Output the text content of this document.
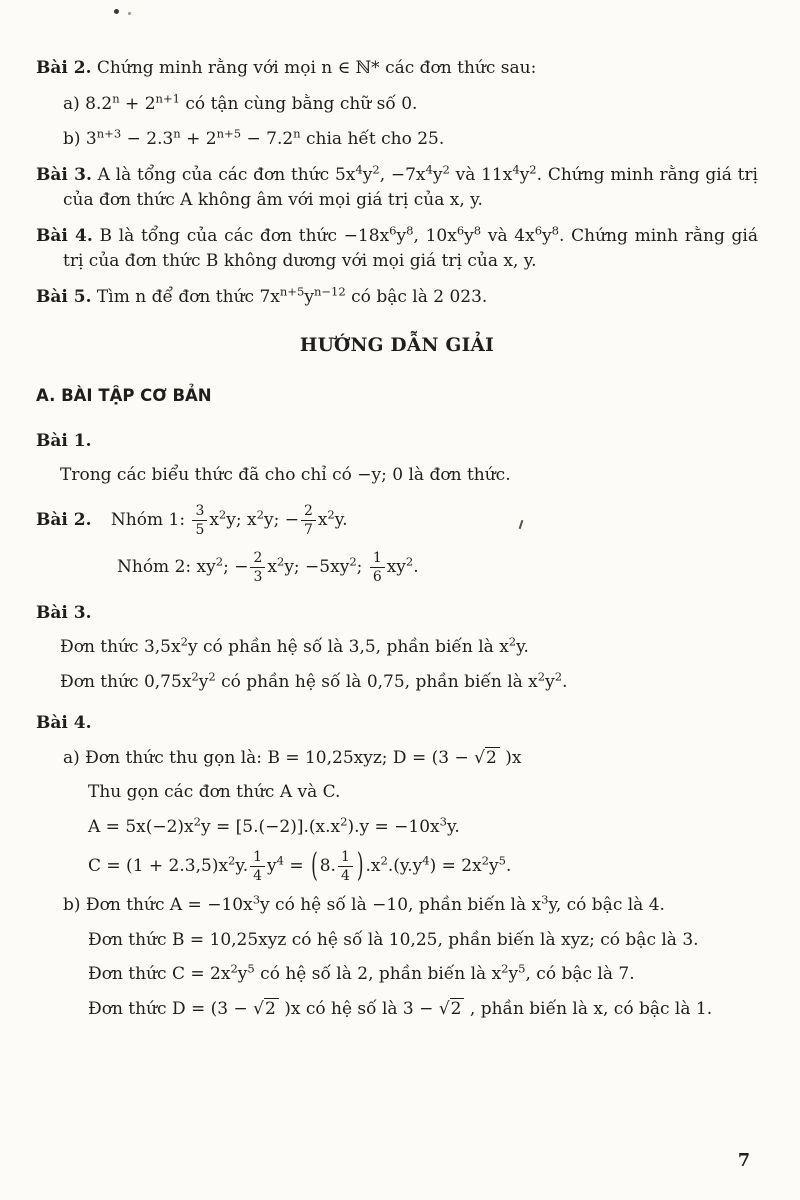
Bài 2. Chứng minh rằng với mọi n ∈ ℕ* các đơn thức sau:

a) $8.2^n + 2^{n+1}$ có tận cùng bằng chữ số 0.

b) $3^{n+3} - 2.3^n + 2^{n+5} - 7.2^n$ chia hết cho 25.

Bài 3. A là tổng của các đơn thức $5x^4y^2$, $-7x^4y^2$ và $11x^4y^2$. Chứng minh rằng giá trị của đơn thức A không âm với mọi giá trị của x, y.

Bài 4. B là tổng của các đơn thức $-18x^6y^8$, $10x^6y^8$ và $4x^6y^8$. Chứng minh rằng giá trị của đơn thức B không dương với mọi giá trị của x, y.

Bài 5. Tìm n để đơn thức $7x^{n+5}y^{n-12}$ có bậc là 2 023.

HƯỚNG DẪN GIẢI
A. BÀI TẬP CƠ BẢN

Bài 1.

Trong các biểu thức đã cho chỉ có −y; 0 là đơn thức.

Bài 2. Nhóm 1: $\frac{3}{5} x^2y$; $x^2y$; − $\frac{2}{7} x^2y$.

Nhóm 2: $xy^2$; − $\frac{2}{3} x^2y$; $-5xy^2$; $\frac{1}{6} xy^2$.

Bài 3.

Đơn thức $3,5x^2y$ có phần hệ số là 3,5, phần biến là $x^2y$.

Đơn thức $0,75x^2y^2$ có phần hệ số là 0,75, phần biến là $x^2y^2$.

Bài 4.

a) Đơn thức thu gọn là: B = 10,25xyz; D = (3 − √2 )x

Thu gọn các đơn thức A và C.

$A = 5x(-2)x^2y = [5.(-2)].(x.x^2).y = -10x^3y$.

$C = (1 + 2.3,5)x^2y$. $\frac{1}{4} y^4$ = ( 8. $\frac{1}{4}$ ) $.x^2.(y.y^4) = 2x^2y^5$.

b) Đơn thức $A = -10x^3y$ có hệ số là −10, phần biến là $x^3y$, có bậc là 4.

Đơn thức B = 10,25xyz có hệ số là 10,25, phần biến là xyz; có bậc là 3.

Đơn thức $C = 2x^2y^5$ có hệ số là 2, phần biến là $x^2y^5$, có bậc là 7.

Đơn thức D = (3 − √2 )x có hệ số là 3 − √2 , phần biến là x, có bậc là 1.

7
